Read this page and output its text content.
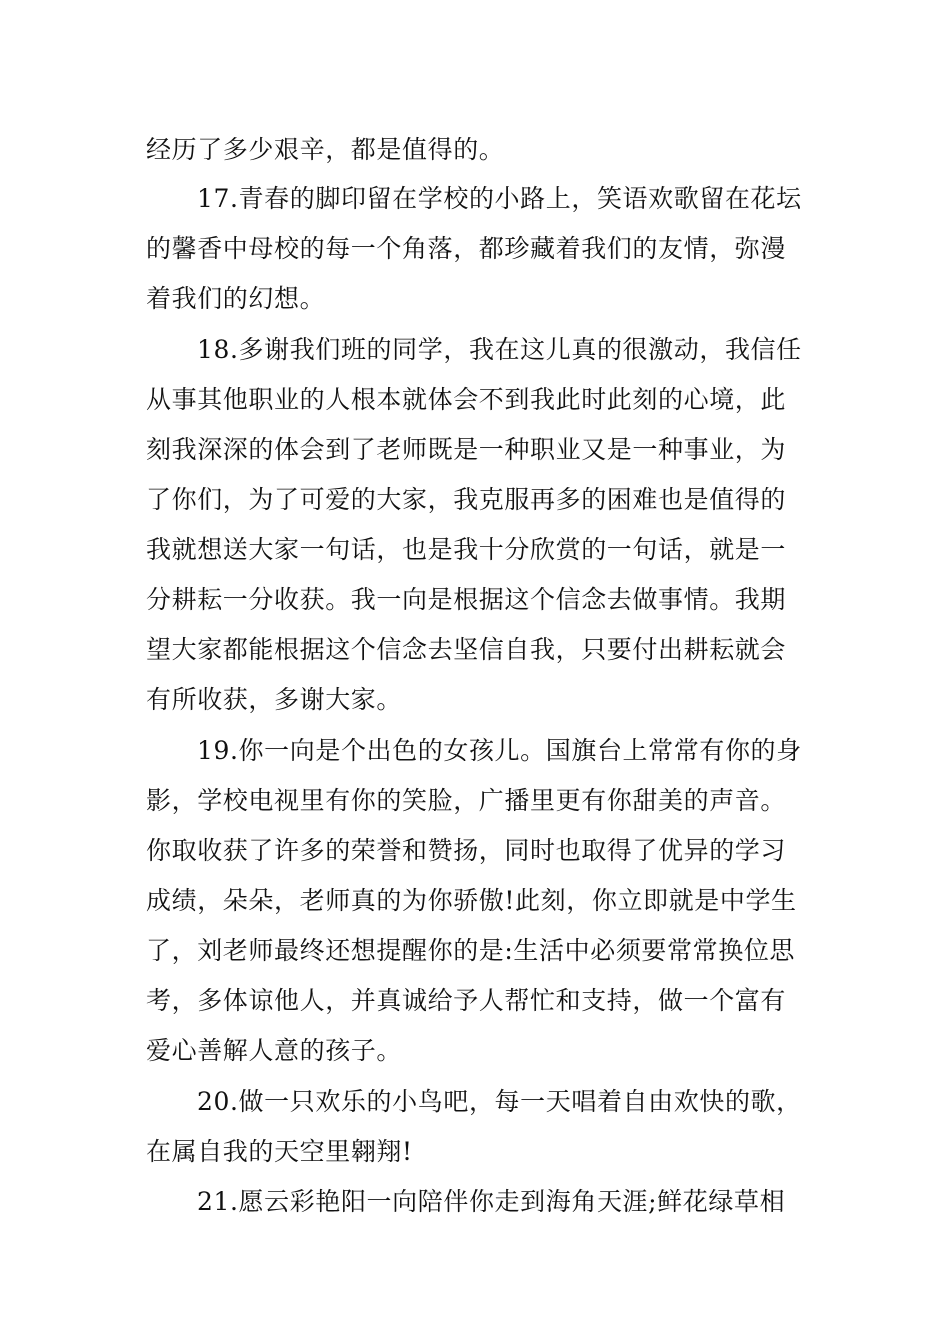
经历了多少艰辛，都是值得的。
17.青春的脚印留在学校的小路上，笑语欢歌留在花坛
的馨香中母校的每一个角落，都珍藏着我们的友情，弥漫
着我们的幻想。
18.多谢我们班的同学，我在这儿真的很激动，我信任
从事其他职业的人根本就体会不到我此时此刻的心境，此
刻我深深的体会到了老师既是一种职业又是一种事业，为
了你们，为了可爱的大家，我克服再多的困难也是值得的
我就想送大家一句话，也是我十分欣赏的一句话，就是一
分耕耘一分收获。我一向是根据这个信念去做事情。我期
望大家都能根据这个信念去坚信自我，只要付出耕耘就会
有所收获，多谢大家。
19.你一向是个出色的女孩儿。国旗台上常常有你的身
影，学校电视里有你的笑脸，广播里更有你甜美的声音。
你取收获了许多的荣誉和赞扬，同时也取得了优异的学习
成绩，朵朵，老师真的为你骄傲!此刻，你立即就是中学生
了，刘老师最终还想提醒你的是:生活中必须要常常换位思
考，多体谅他人，并真诚给予人帮忙和支持，做一个富有
爱心善解人意的孩子。
20.做一只欢乐的小鸟吧，每一天唱着自由欢快的歌，
在属自我的天空里翱翔!
21.愿云彩艳阳一向陪伴你走到海角天涯;鲜花绿草相
